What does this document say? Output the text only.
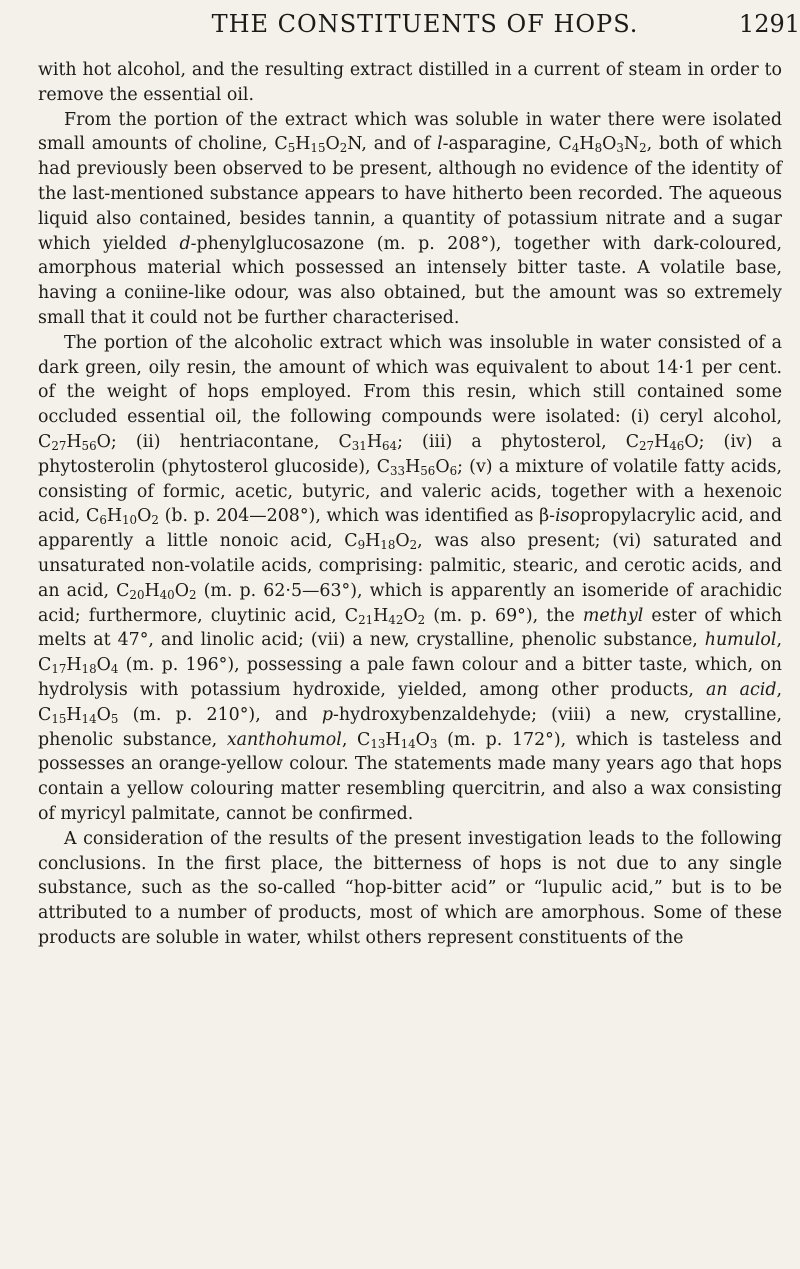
THE CONSTITUENTS OF HOPS.	1291

with hot alcohol, and the resulting extract distilled in a current of steam in order to remove the essential oil.

From the portion of the extract which was soluble in water there were isolated small amounts of choline, $C_5H_{15}O_2N$, and of l-asparagine, $C_4H_8O_3N_2$, both of which had previously been observed to be present, although no evidence of the identity of the last-mentioned substance appears to have hitherto been recorded. The aqueous liquid also contained, besides tannin, a quantity of potassium nitrate and a sugar which yielded d-phenylglucosazone (m. p. 208°), together with dark-coloured, amorphous material which possessed an intensely bitter taste. A volatile base, having a coniine-like odour, was also obtained, but the amount was so extremely small that it could not be further characterised.

The portion of the alcoholic extract which was insoluble in water consisted of a dark green, oily resin, the amount of which was equivalent to about 14·1 per cent. of the weight of hops employed. From this resin, which still contained some occluded essential oil, the following compounds were isolated: (i) ceryl alcohol, $C_{27}H_{56}O$; (ii) hentriacontane, $C_{31}H_{64}$; (iii) a phytosterol, $C_{27}H_{46}O$; (iv) a phytosterolin (phytosterol glucoside), $C_{33}H_{56}O_6$; (v) a mixture of volatile fatty acids, consisting of formic, acetic, butyric, and valeric acids, together with a hexenoic acid, $C_6H_{10}O_2$ (b. p. 204—208°), which was identified as β-isopropylacrylic acid, and apparently a little nonoic acid, $C_9H_{18}O_2$, was also present; (vi) saturated and unsaturated non-volatile acids, comprising: palmitic, stearic, and cerotic acids, and an acid, $C_{20}H_{40}O_2$ (m. p. 62·5—63°), which is apparently an isomeride of arachidic acid; furthermore, cluytinic acid, $C_{21}H_{42}O_2$ (m. p. 69°), the methyl ester of which melts at 47°, and linolic acid; (vii) a new, crystalline, phenolic substance, humulol, $C_{17}H_{18}O_4$ (m. p. 196°), possessing a pale fawn colour and a bitter taste, which, on hydrolysis with potassium hydroxide, yielded, among other products, an acid, $C_{15}H_{14}O_5$ (m. p. 210°), and p-hydroxybenzaldehyde; (viii) a new, crystalline, phenolic substance, xanthohumol, $C_{13}H_{14}O_3$ (m. p. 172°), which is tasteless and possesses an orange-yellow colour. The statements made many years ago that hops contain a yellow colouring matter resembling quercitrin, and also a wax consisting of myricyl palmitate, cannot be confirmed.

A consideration of the results of the present investigation leads to the following conclusions. In the first place, the bitterness of hops is not due to any single substance, such as the so-called “hop-bitter acid” or “lupulic acid,” but is to be attributed to a number of products, most of which are amorphous. Some of these products are soluble in water, whilst others represent constituents of the
